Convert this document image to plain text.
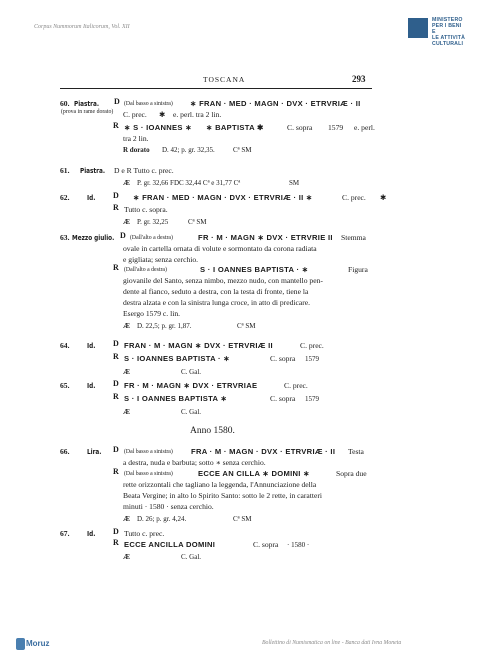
Corpus Nummorum Italicorum, Vol. XII
MINISTERO
PER I BENI E
LE ATTIVITÀ
CULTURALI
TOSCANA	293
60. Piastra.
(prova in rame dorato)
D (Dal basso a sinistra) ∗ FRAN · MED · MAGN · DVX · ETRVRIÆ · II
C. prec. ✱ e. perl. tra 2 lin.
R ∗ S · IOANNES ∗ ∗ BAPTISTA ✱	C. sopra 1579 e. perl.
tra 2 lin.
R dorato D. 42; p. gr. 32,35.	Cª SM
61. Piastra. D e R Tutto c. prec.
Æ P. gr. 32,66 FDC 32,44 Cª e 31,77 Cª	SM
62. Id. D ∗ FRAN · MED · MAGN · DVX · ETRVRIÆ · II ∗	C. prec. ✱
R Tutto c. sopra.
Æ P. gr. 32,25	Cª SM
63. Mezzo giulio. D (Dall'alto a destra)	FR · M · MAGN ∗ DVX · ETRVRIE II Stemma
ovale in cartella ornata di volute e sormontato da corona radiata
e gigliata; senza cerchio.
R (Dall'alto a destra)	S · I OANNES BAPTISTA · ∗	Figura
giovanile del Santo, senza nimbo, mezzo nudo, con mantello pen-
dente al fianco, seduto a destra, con la testa di fronte, tiene la
destra alzata e con la sinistra lunga croce, in atto di predicare.
Esergo 1579 c. lin.
Æ D. 22,5; p. gr. 1,87.	Cª SM
64. Id. D FRAN · M · MAGN ∗ DVX · ETRVRIÆ II	C. prec.
R S · IOANNES BAPTISTA · ∗	C. sopra 1579
Æ	C. Gal.
65. Id. D FR · M · MAGN ∗ DVX · ETRVRIAE	C. prec.
R S · I OANNES BAPTISTA ∗	C. sopra 1579
Æ	C. Gal.
Anno 1580.
66. Lira. D (Dal basso a sinistra) FRA · M · MAGN · DVX · ETRVRIÆ · II Testa
a destra, nuda e barbuta; sotto ∗ senza cerchio.
R (Dal basso a sinistra)	ECCE AN CILLA ∗ DOMINI ∗	Sopra due
rette orizzontali che tagliano la leggenda, l'Annunciazione della
Beata Vergine; in alto lo Spirito Santo: sotto le 2 rette, in caratteri
minuti · 1580 · senza cerchio.
Æ D. 26; p. gr. 4,24.	Cª SM
67. Id. D Tutto c. prec.
R ECCE ANCILLA DOMINI	C. sopra · 1580 ·
Æ	C. Gal.
Moruz	Bollettino di Numismatica on line - Banca dati Ivna Moneta
